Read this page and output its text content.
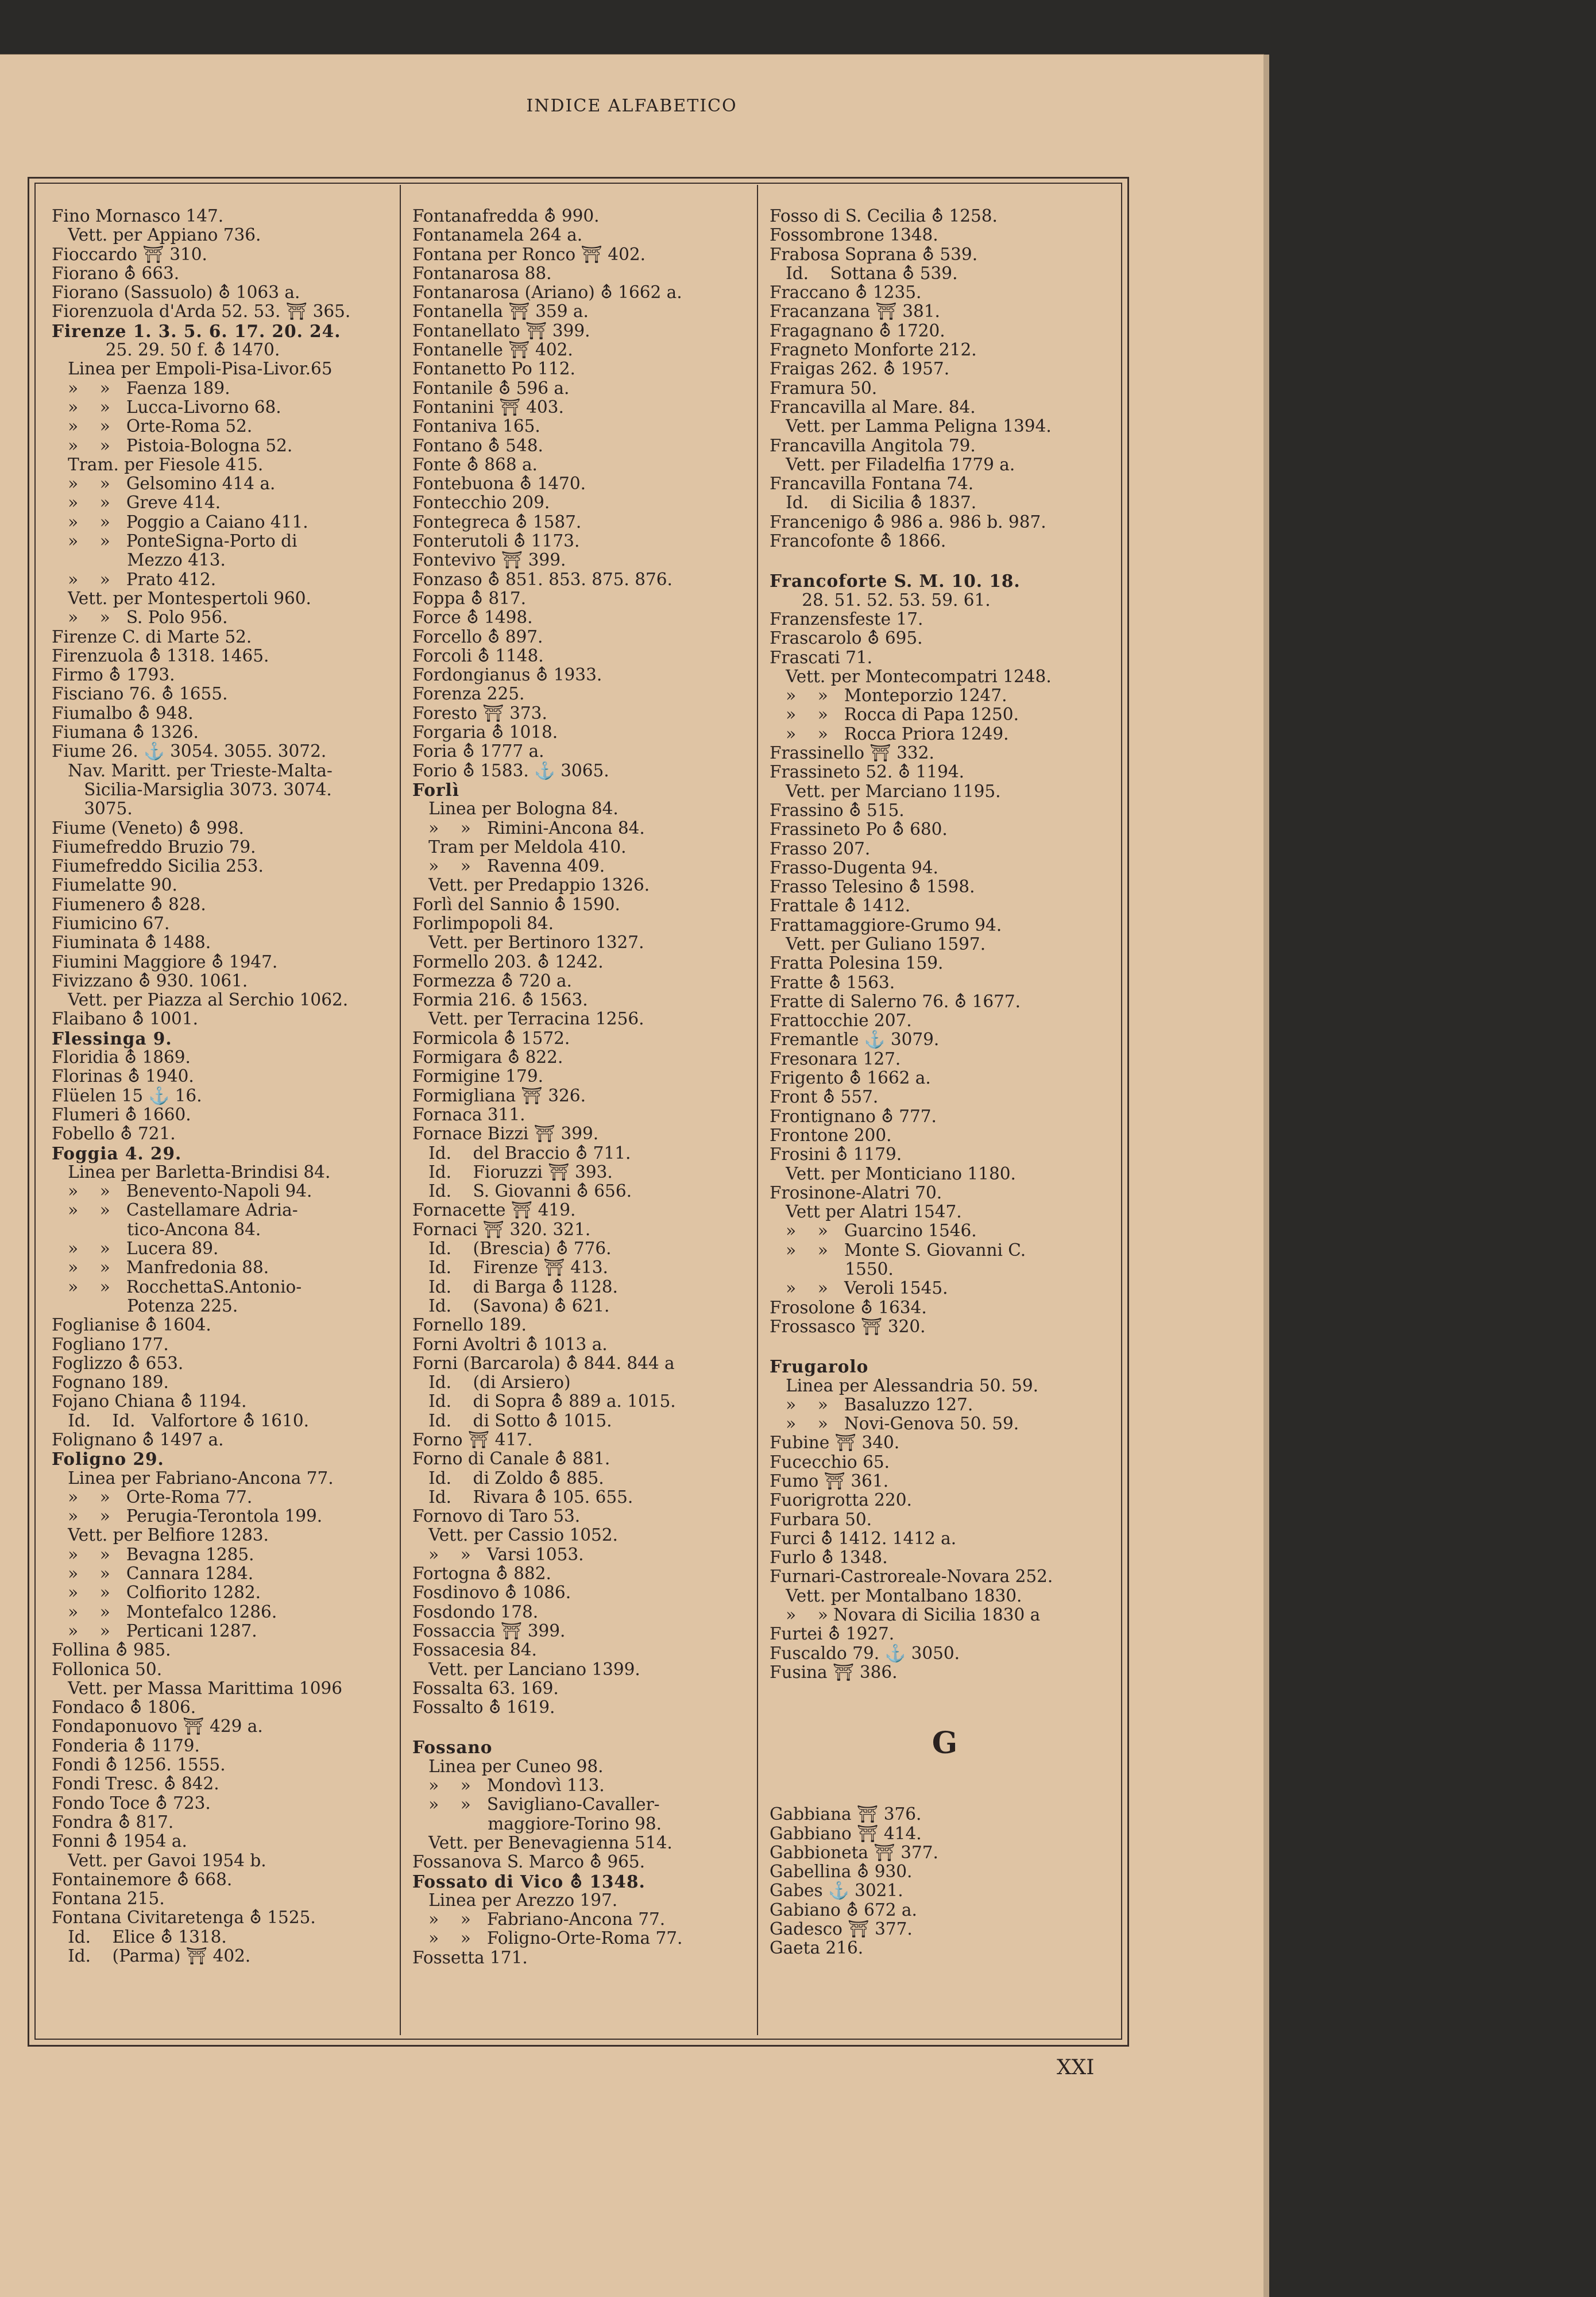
INDICE ALFABETICO
Fino Mornasco 147.
Vett. per Appiano 736.
Fioccardo ⛩ 310.
Fiorano ⛢ 663.
Fiorano (Sassuolo) ⛢ 1063 a.
Fiorenzuola d'Arda 52. 53. ⛩ 365.
Firenze 1. 3. 5. 6. 17. 20. 24.
25. 29. 50 f. ⛢ 1470.
Linea per Empoli-Pisa-Livor.65
»    »   Faenza 189.
»    »   Lucca-Livorno 68.
»    »   Orte-Roma 52.
»    »   Pistoia-Bologna 52.
Tram. per Fiesole 415.
»    »   Gelsomino 414 a.
»    »   Greve 414.
»    »   Poggio a Caiano 411.
»    »   PonteSigna-Porto di
Mezzo 413.
»    »   Prato 412.
Vett. per Montespertoli 960.
»    »   S. Polo 956.
Firenze C. di Marte 52.
Firenzuola ⛢ 1318. 1465.
Firmo ⛢ 1793.
Fisciano 76. ⛢ 1655.
Fiumalbo ⛢ 948.
Fiumana ⛢ 1326.
Fiume 26. ⚓ 3054. 3055. 3072.
Nav. Maritt. per Trieste-Malta-
Sicilia-Marsiglia 3073. 3074.
3075.
Fiume (Veneto) ⛢ 998.
Fiumefreddo Bruzio 79.
Fiumefreddo Sicilia 253.
Fiumelatte 90.
Fiumenero ⛢ 828.
Fiumicino 67.
Fiuminata ⛢ 1488.
Fiumini Maggiore ⛢ 1947.
Fivizzano ⛢ 930. 1061.
Vett. per Piazza al Serchio 1062.
Flaibano ⛢ 1001.
Flessinga 9.
Floridia ⛢ 1869.
Florinas ⛢ 1940.
Flüelen 15 ⚓ 16.
Flumeri ⛢ 1660.
Fobello ⛢ 721.
Foggia 4. 29.
Linea per Barletta-Brindisi 84.
»    »   Benevento-Napoli 94.
»    »   Castellamare Adria-
tico-Ancona 84.
»    »   Lucera 89.
»    »   Manfredonia 88.
»    »   RocchettaS.Antonio-
Potenza 225.
Foglianise ⛢ 1604.
Fogliano 177.
Foglizzo ⛢ 653.
Fognano 189.
Fojano Chiana ⛢ 1194.
Id.    Id.   Valfortore ⛢ 1610.
Folignano ⛢ 1497 a.
Foligno 29.
Linea per Fabriano-Ancona 77.
»    »   Orte-Roma 77.
»    »   Perugia-Terontola 199.
Vett. per Belfiore 1283.
»    »   Bevagna 1285.
»    »   Cannara 1284.
»    »   Colfiorito 1282.
»    »   Montefalco 1286.
»    »   Perticani 1287.
Follina ⛢ 985.
Follonica 50.
Vett. per Massa Marittima 1096
Fondaco ⛢ 1806.
Fondaponuovo ⛩ 429 a.
Fonderia ⛢ 1179.
Fondi ⛢ 1256. 1555.
Fondi Tresc. ⛢ 842.
Fondo Toce ⛢ 723.
Fondra ⛢ 817.
Fonni ⛢ 1954 a.
Vett. per Gavoi 1954 b.
Fontainemore ⛢ 668.
Fontana 215.
Fontana Civitaretenga ⛢ 1525.
Id.    Elice ⛢ 1318.
Id.    (Parma) ⛩ 402.
Fontanafredda ⛢ 990.
Fontanamela 264 a.
Fontana per Ronco ⛩ 402.
Fontanarosa 88.
Fontanarosa (Ariano) ⛢ 1662 a.
Fontanella ⛩ 359 a.
Fontanellato ⛩ 399.
Fontanelle ⛩ 402.
Fontanetto Po 112.
Fontanile ⛢ 596 a.
Fontanini ⛩ 403.
Fontaniva 165.
Fontano ⛢ 548.
Fonte ⛢ 868 a.
Fontebuona ⛢ 1470.
Fontecchio 209.
Fontegreca ⛢ 1587.
Fonterutoli ⛢ 1173.
Fontevivo ⛩ 399.
Fonzaso ⛢ 851. 853. 875. 876.
Foppa ⛢ 817.
Force ⛢ 1498.
Forcello ⛢ 897.
Forcoli ⛢ 1148.
Fordongianus ⛢ 1933.
Forenza 225.
Foresto ⛩ 373.
Forgaria ⛢ 1018.
Foria ⛢ 1777 a.
Forio ⛢ 1583. ⚓ 3065.
Forlì
Linea per Bologna 84.
»    »   Rimini-Ancona 84.
Tram per Meldola 410.
»    »   Ravenna 409.
Vett. per Predappio 1326.
Forlì del Sannio ⛢ 1590.
Forlimpopoli 84.
Vett. per Bertinoro 1327.
Formello 203. ⛢ 1242.
Formezza ⛢ 720 a.
Formia 216. ⛢ 1563.
Vett. per Terracina 1256.
Formicola ⛢ 1572.
Formigara ⛢ 822.
Formigine 179.
Formigliana ⛩ 326.
Fornaca 311.
Fornace Bizzi ⛩ 399.
Id.    del Braccio ⛢ 711.
Id.    Fioruzzi ⛩ 393.
Id.    S. Giovanni ⛢ 656.
Fornacette ⛩ 419.
Fornaci ⛩ 320. 321.
Id.    (Brescia) ⛢ 776.
Id.    Firenze ⛩ 413.
Id.    di Barga ⛢ 1128.
Id.    (Savona) ⛢ 621.
Fornello 189.
Forni Avoltri ⛢ 1013 a.
Forni (Barcarola) ⛢ 844. 844 a
Id.    (di Arsiero)
Id.    di Sopra ⛢ 889 a. 1015.
Id.    di Sotto ⛢ 1015.
Forno ⛩ 417.
Forno di Canale ⛢ 881.
Id.    di Zoldo ⛢ 885.
Id.    Rivara ⛢ 105. 655.
Fornovo di Taro 53.
Vett. per Cassio 1052.
»    »   Varsi 1053.
Fortogna ⛢ 882.
Fosdinovo ⛢ 1086.
Fosdondo 178.
Fossaccia ⛩ 399.
Fossacesia 84.
Vett. per Lanciano 1399.
Fossalta 63. 169.
Fossalto ⛢ 1619.
Fossano
Linea per Cuneo 98.
»    »   Mondovì 113.
»    »   Savigliano-Cavaller-
maggiore-Torino 98.
Vett. per Benevagienna 514.
Fossanova S. Marco ⛢ 965.
Fossato di Vico ⛢ 1348.
Linea per Arezzo 197.
»    »   Fabriano-Ancona 77.
»    »   Foligno-Orte-Roma 77.
Fossetta 171.
Fosso di S. Cecilia ⛢ 1258.
Fossombrone 1348.
Frabosa Soprana ⛢ 539.
Id.    Sottana ⛢ 539.
Fraccano ⛢ 1235.
Fracanzana ⛩ 381.
Fragagnano ⛢ 1720.
Fragneto Monforte 212.
Fraigas 262. ⛢ 1957.
Framura 50.
Francavilla al Mare. 84.
Vett. per Lamma Peligna 1394.
Francavilla Angitola 79.
Vett. per Filadelfia 1779 a.
Francavilla Fontana 74.
Id.    di Sicilia ⛢ 1837.
Francenigo ⛢ 986 a. 986 b. 987.
Francofonte ⛢ 1866.
Francoforte S. M. 10. 18.
28. 51. 52. 53. 59. 61.
Franzensfeste 17.
Frascarolo ⛢ 695.
Frascati 71.
Vett. per Montecompatri 1248.
»    »   Monteporzio 1247.
»    »   Rocca di Papa 1250.
»    »   Rocca Priora 1249.
Frassinello ⛩ 332.
Frassineto 52. ⛢ 1194.
Vett. per Marciano 1195.
Frassino ⛢ 515.
Frassineto Po ⛢ 680.
Frasso 207.
Frasso-Dugenta 94.
Frasso Telesino ⛢ 1598.
Frattale ⛢ 1412.
Frattamaggiore-Grumo 94.
Vett. per Guliano 1597.
Fratta Polesina 159.
Fratte ⛢ 1563.
Fratte di Salerno 76. ⛢ 1677.
Frattocchie 207.
Fremantle ⚓ 3079.
Fresonara 127.
Frigento ⛢ 1662 a.
Front ⛢ 557.
Frontignano ⛢ 777.
Frontone 200.
Frosini ⛢ 1179.
Vett. per Monticiano 1180.
Frosinone-Alatri 70.
Vett per Alatri 1547.
»    »   Guarcino 1546.
»    »   Monte S. Giovanni C.
1550.
»    »   Veroli 1545.
Frosolone ⛢ 1634.
Frossasco ⛩ 320.
Frugarolo
Linea per Alessandria 50. 59.
»    »   Basaluzzo 127.
»    »   Novi-Genova 50. 59.
Fubine ⛩ 340.
Fucecchio 65.
Fumo ⛩ 361.
Fuorigrotta 220.
Furbara 50.
Furci ⛢ 1412. 1412 a.
Furlo ⛢ 1348.
Furnari-Castroreale-Novara 252.
Vett. per Montalbano 1830.
»    » Novara di Sicilia 1830 a
Furtei ⛢ 1927.
Fuscaldo 79. ⚓ 3050.
Fusina ⛩ 386.
G
Gabbiana ⛩ 376.
Gabbiano ⛩ 414.
Gabbioneta ⛩ 377.
Gabellina ⛢ 930.
Gabes ⚓ 3021.
Gabiano ⛢ 672 a.
Gadesco ⛩ 377.
Gaeta 216.
XXI
